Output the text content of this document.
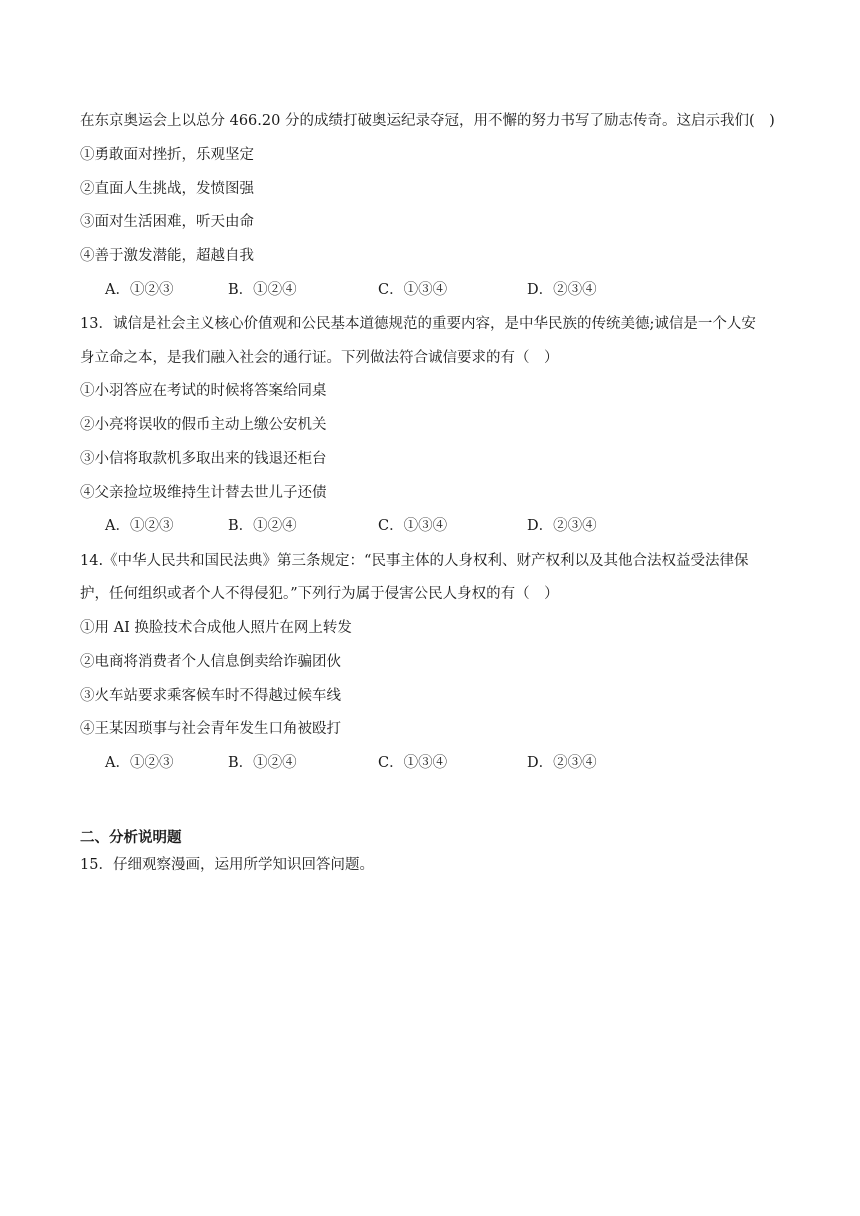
在东京奥运会上以总分 466.20 分的成绩打破奥运纪录夺冠，用不懈的努力书写了励志传奇。这启示我们(　)
①勇敢面对挫折，乐观坚定
②直面人生挑战，发愤图强
③面对生活困难，听天由命
④善于激发潜能，超越自我
A．①②③	B．①②④	C．①③④	D．②③④
13．诚信是社会主义核心价值观和公民基本道德规范的重要内容，是中华民族的传统美德;诚信是一个人安
身立命之本，是我们融入社会的通行证。下列做法符合诚信要求的有（　）
①小羽答应在考试的时候将答案给同桌
②小亮将误收的假币主动上缴公安机关
③小信将取款机多取出来的钱退还柜台
④父亲捡垃圾维持生计替去世儿子还债
A．①②③	B．①②④	C．①③④	D．②③④
14.《中华人民共和国民法典》第三条规定：“民事主体的人身权利、财产权利以及其他合法权益受法律保
护，任何组织或者个人不得侵犯。”下列行为属于侵害公民人身权的有（　）
①用 AI 换脸技术合成他人照片在网上转发
②电商将消费者个人信息倒卖给诈骗团伙
③火车站要求乘客候车时不得越过候车线
④王某因琐事与社会青年发生口角被殴打
A．①②③	B．①②④	C．①③④	D．②③④
二、分析说明题
15．仔细观察漫画，运用所学知识回答问题。
